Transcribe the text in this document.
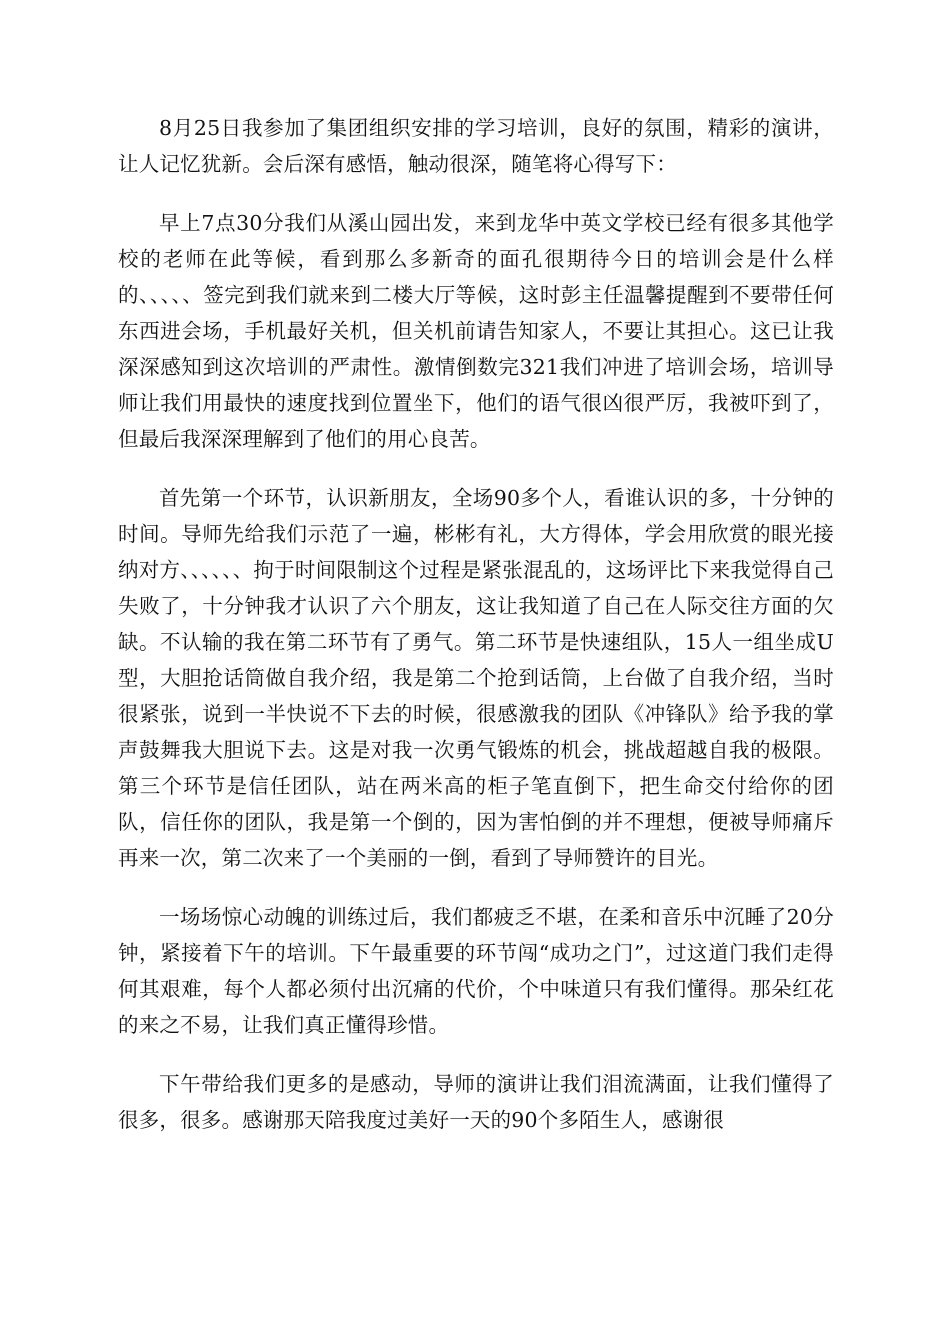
8月25日我参加了集团组织安排的学习培训，良好的氛围，精彩的演讲，让人记忆犹新。会后深有感悟，触动很深，随笔将心得写下：

早上7点30分我们从溪山园出发，来到龙华中英文学校已经有很多其他学校的老师在此等候，看到那么多新奇的面孔很期待今日的培训会是什么样的、、、、、签完到我们就来到二楼大厅等候，这时彭主任温馨提醒到不要带任何东西进会场，手机最好关机，但关机前请告知家人，不要让其担心。这已让我深深感知到这次培训的严肃性。激情倒数完321我们冲进了培训会场，培训导师让我们用最快的速度找到位置坐下，他们的语气很凶很严厉，我被吓到了，但最后我深深理解到了他们的用心良苦。

首先第一个环节，认识新朋友，全场90多个人，看谁认识的多，十分钟的时间。导师先给我们示范了一遍，彬彬有礼，大方得体，学会用欣赏的眼光接纳对方、、、、、、拘于时间限制这个过程是紧张混乱的，这场评比下来我觉得自己失败了，十分钟我才认识了六个朋友，这让我知道了自己在人际交往方面的欠缺。不认输的我在第二环节有了勇气。第二环节是快速组队，15人一组坐成U型，大胆抢话筒做自我介绍，我是第二个抢到话筒，上台做了自我介绍，当时很紧张，说到一半快说不下去的时候，很感激我的团队《冲锋队》给予我的掌声鼓舞我大胆说下去。这是对我一次勇气锻炼的机会，挑战超越自我的极限。第三个环节是信任团队，站在两米高的柜子笔直倒下，把生命交付给你的团队，信任你的团队，我是第一个倒的，因为害怕倒的并不理想，便被导师痛斥再来一次，第二次来了一个美丽的一倒，看到了导师赞许的目光。

一场场惊心动魄的训练过后，我们都疲乏不堪，在柔和音乐中沉睡了20分钟，紧接着下午的培训。下午最重要的环节闯“成功之门”，过这道门我们走得何其艰难，每个人都必须付出沉痛的代价，个中味道只有我们懂得。那朵红花的来之不易，让我们真正懂得珍惜。

下午带给我们更多的是感动，导师的演讲让我们泪流满面，让我们懂得了很多，很多。感谢那天陪我度过美好一天的90个多陌生人，感谢很
